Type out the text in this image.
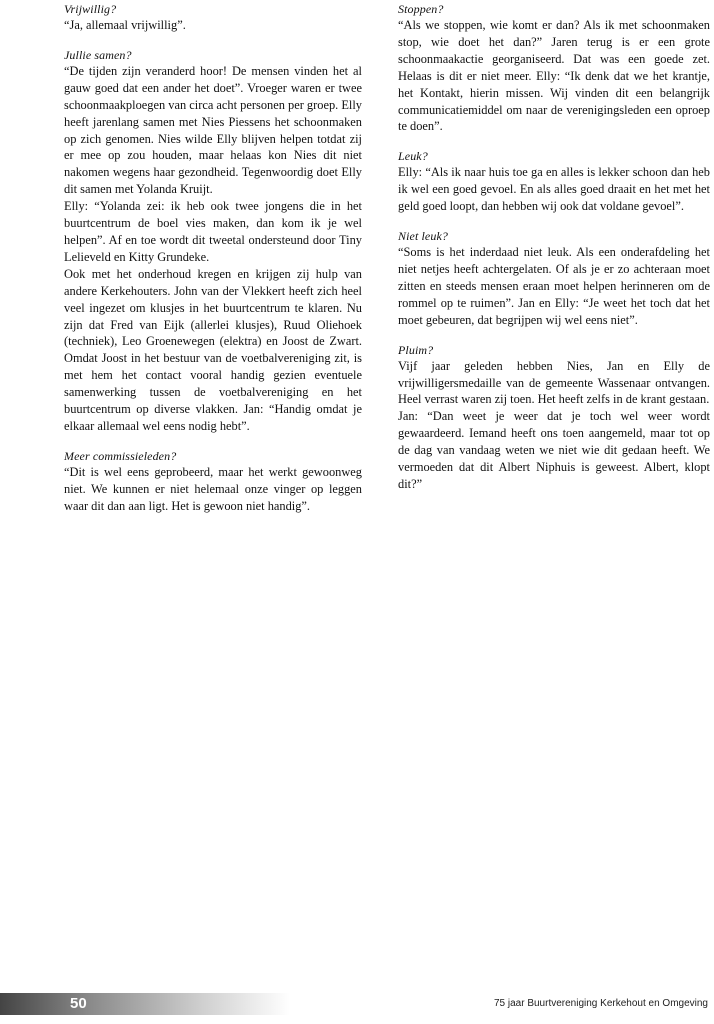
Vrijwillig?

“Ja, allemaal vrijwillig”.

Jullie samen?

“De tijden zijn veranderd hoor! De mensen vinden het al gauw goed dat een ander het doet”. Vroeger waren er twee schoonmaakploegen van circa acht personen per groep. Elly heeft jarenlang samen met Nies Piessens het schoonmaken op zich genomen. Nies wilde Elly blijven helpen totdat zij er mee op zou houden, maar helaas kon Nies dit niet nakomen wegens haar gezondheid. Tegenwoordig doet Elly dit samen met Yolanda Kruijt.

Elly: “Yolanda zei: ik heb ook twee jongens die in het buurtcentrum de boel vies maken, dan kom ik je wel helpen”. Af en toe wordt dit tweetal ondersteund door Tiny Lelieveld en Kitty Grundeke.

Ook met het onderhoud kregen en krijgen zij hulp van andere Kerkehouters. John van der Vlekkert heeft zich heel veel ingezet om klusjes in het buurtcentrum te klaren. Nu zijn dat Fred van Eijk (allerlei klusjes), Ruud Oliehoek (techniek), Leo Groenewegen (elektra) en Joost de Zwart. Omdat Joost in het bestuur van de voetbalvereniging zit, is met hem het contact vooral handig gezien eventuele samenwerking tussen de voetbalvereniging en het buurtcentrum op diverse vlakken. Jan: “Handig omdat je elkaar allemaal wel eens nodig hebt”.

Meer commissieleden?

“Dit is wel eens geprobeerd, maar het werkt gewoonweg niet. We kunnen er niet helemaal onze vinger op leggen waar dit dan aan ligt. Het is gewoon niet handig”.

Stoppen?

“Als we stoppen, wie komt er dan? Als ik met schoonmaken stop, wie doet het dan?” Jaren terug is er een grote schoonmaakactie georganiseerd. Dat was een goede zet. Helaas is dit er niet meer. Elly: “Ik denk dat we het krantje, het Kontakt, hierin missen. Wij vinden dit een belangrijk communicatiemiddel om naar de verenigingsleden een oproep te doen”.

Leuk?

Elly: “Als ik naar huis toe ga en alles is lekker schoon dan heb ik wel een goed gevoel. En als alles goed draait en het met het geld goed loopt, dan hebben wij ook dat voldane gevoel”.

Niet leuk?

“Soms is het inderdaad niet leuk. Als een onderafdeling het niet netjes heeft achtergelaten. Of als je er zo achteraan moet zitten en steeds mensen eraan moet helpen herinneren om de rommel op te ruimen”. Jan en Elly: “Je weet het toch dat het moet gebeuren, dat begrijpen wij wel eens niet”.

Pluim?

Vijf jaar geleden hebben Nies, Jan en Elly de vrijwilligersmedaille van de gemeente Wassenaar ontvangen. Heel verrast waren zij toen. Het heeft zelfs in de krant gestaan.

Jan: “Dan weet je weer dat je toch wel weer wordt gewaardeerd. Iemand heeft ons toen aangemeld, maar tot op de dag van vandaag weten we niet wie dit gedaan heeft. We vermoeden dat dit Albert Niphuis is geweest. Albert, klopt dit?”

50	75 jaar Buurtvereniging Kerkehout en Omgeving
